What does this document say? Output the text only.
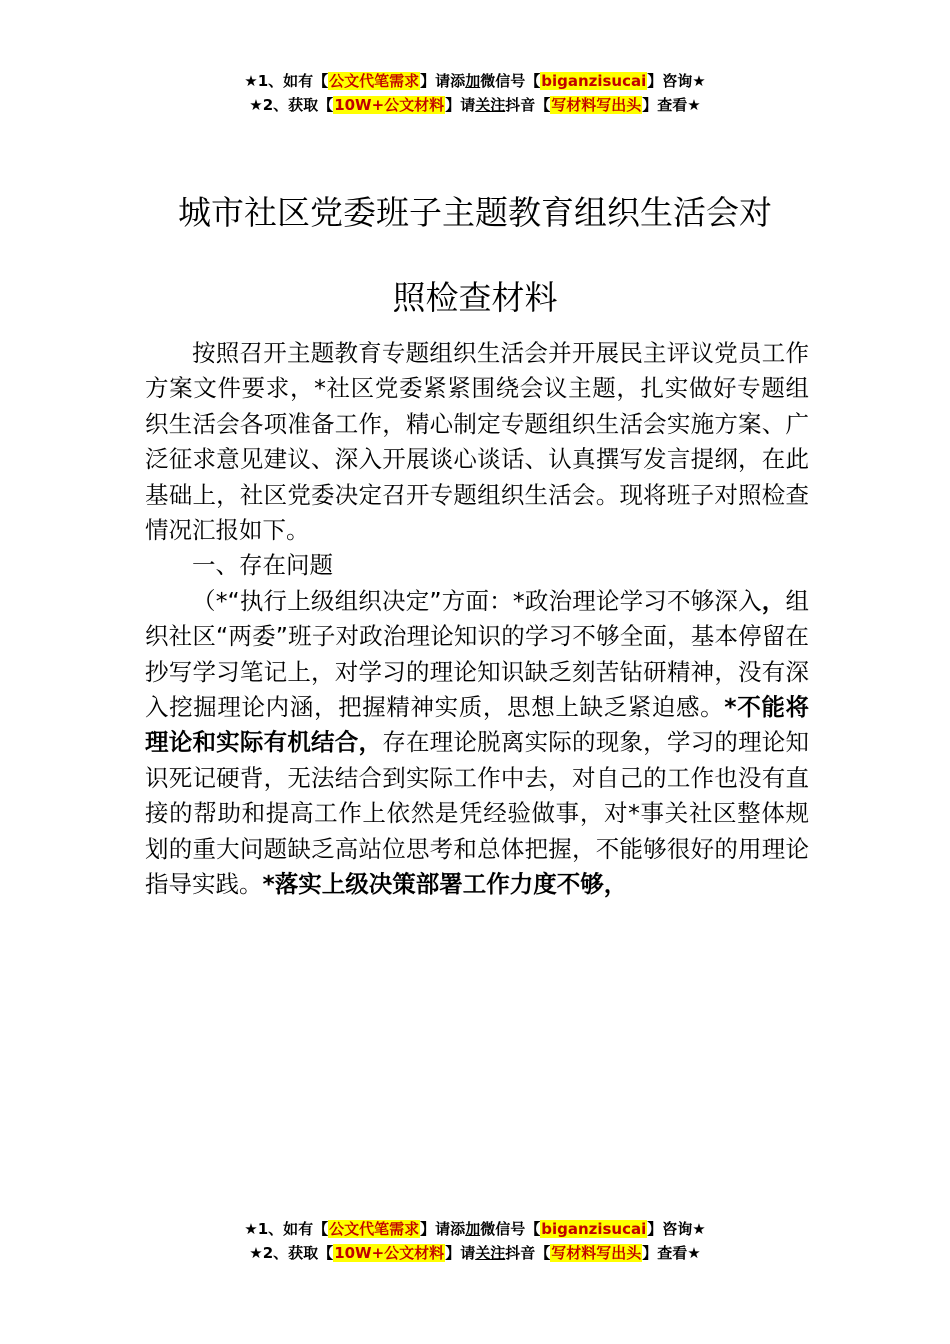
★1、如有【公文代笔需求】请添加微信号【biganzisucai】咨询★
★2、获取【10W+公文材料】请关注抖音【写材料写出头】查看★
城市社区党委班子主题教育组织生活会对
照检查材料

按照召开主题教育专题组织生活会并开展民主评议党员工作方案文件要求，*社区党委紧紧围绕会议主题，扎实做好专题组织生活会各项准备工作，精心制定专题组织生活会实施方案、广泛征求意见建议、深入开展谈心谈话、认真撰写发言提纲，在此基础上，社区党委决定召开专题组织生活会。现将班子对照检查情况汇报如下。

一、存在问题

（*“执行上级组织决定”方面：*政治理论学习不够深入，组织社区“两委”班子对政治理论知识的学习不够全面，基本停留在抄写学习笔记上，对学习的理论知识缺乏刻苦钻研精神，没有深入挖掘理论内涵，把握精神实质，思想上缺乏紧迫感。*不能将理论和实际有机结合，存在理论脱离实际的现象，学习的理论知识死记硬背，无法结合到实际工作中去，对自己的工作也没有直接的帮助和提高工作上依然是凭经验做事，对*事关社区整体规划的重大问题缺乏高站位思考和总体把握，不能够很好的用理论指导实践。*落实上级决策部署工作力度不够，

★1、如有【公文代笔需求】请添加微信号【biganzisucai】咨询★
★2、获取【10W+公文材料】请关注抖音【写材料写出头】查看★
